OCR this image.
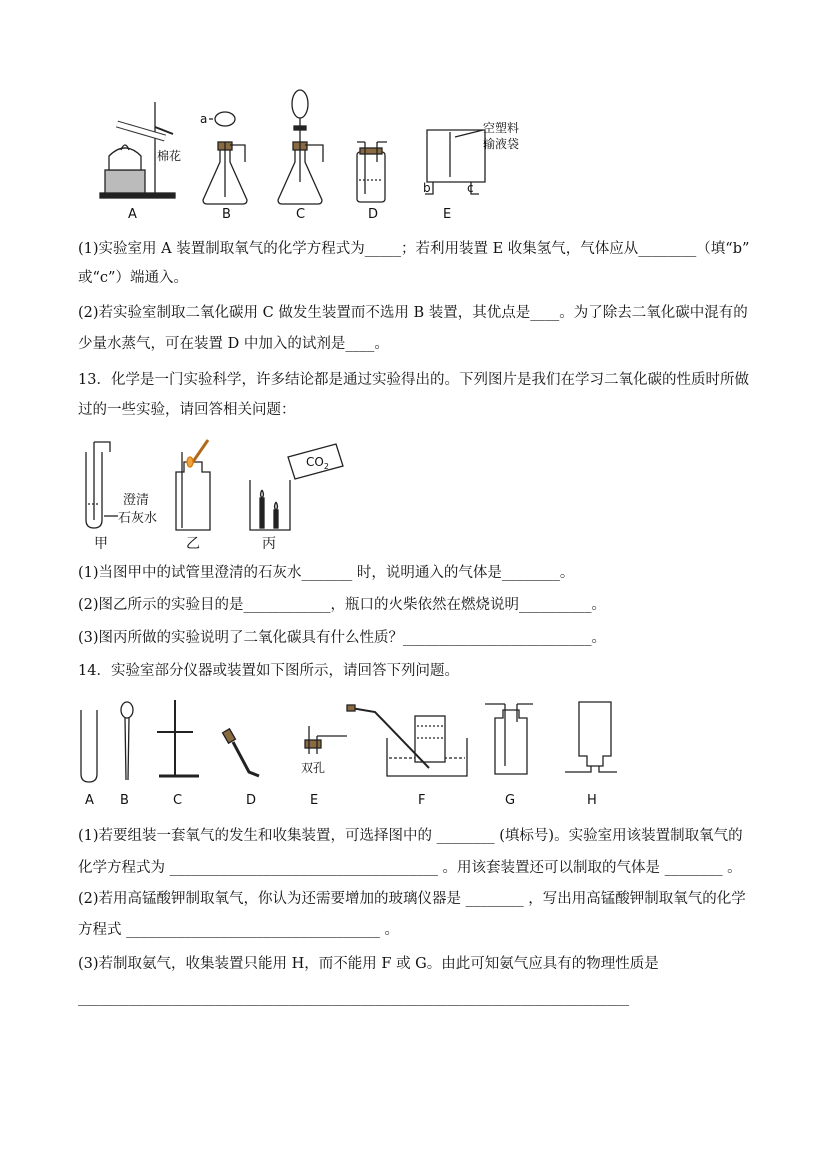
棉花
a
空塑料
输液袋
b	c
A	B	C	D	E
(1)实验室用 A 装置制取氧气的化学方程式为_____；若利用装置 E 收集氢气，气体应从________（填“b”
或“c”）端通入。
(2)若实验室制取二氧化碳用 C 做发生装置而不选用 B 装置，其优点是____。为了除去二氧化碳中混有的
少量水蒸气，可在装置 D 中加入的试剂是____。
13．化学是一门实验科学，许多结论都是通过实验得出的。下列图片是我们在学习二氧化碳的性质时所做
过的一些实验，请回答相关问题：
澄清
石灰水
$CO_2$
甲	乙	丙
(1)当图甲中的试管里澄清的石灰水_______ 时，说明通入的气体是________。
(2)图乙所示的实验目的是____________，瓶口的火柴依然在燃烧说明__________。
(3)图丙所做的实验说明了二氧化碳具有什么性质？__________________________。
14．实验室部分仪器或装置如下图所示，请回答下列问题。
双孔
A B	C	D	E	F	G	H
(1)若要组装一套氧气的发生和收集装置，可选择图中的 ________ (填标号)。实验室用该装置制取氧气的
化学方程式为 _____________________________________ 。用该套装置还可以制取的气体是 ________ 。
(2)若用高锰酸钾制取氧气，你认为还需要增加的玻璃仪器是 ________ ，写出用高锰酸钾制取氧气的化学
方程式 ___________________________________ 。
(3)若制取氨气，收集装置只能用 H，而不能用 F 或 G。由此可知氨气应具有的物理性质是
____________________________________________________________________________
